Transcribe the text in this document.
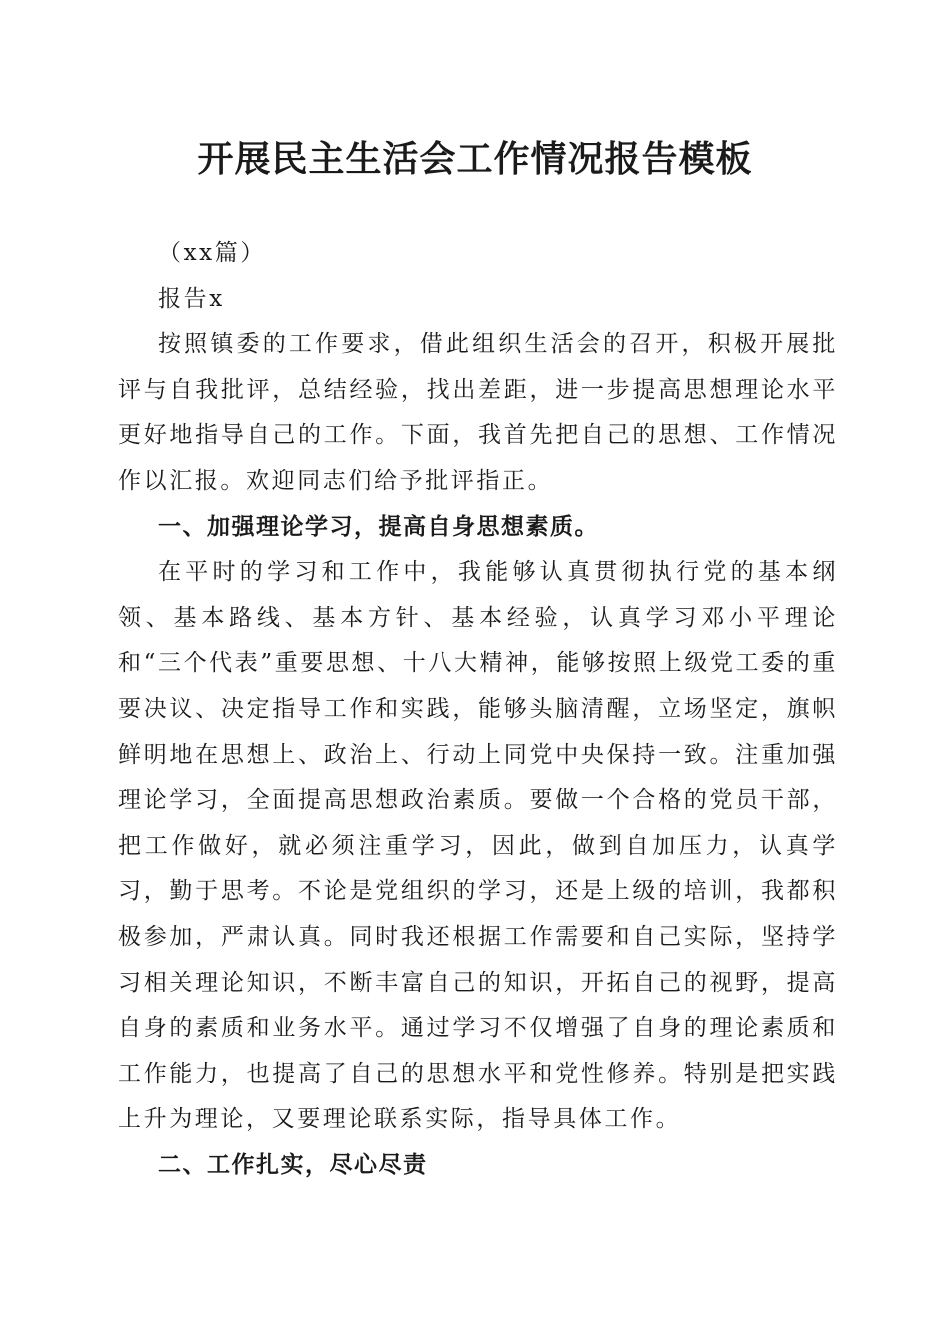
开展民主生活会工作情况报告模板

（xx篇）

报告x

按照镇委的工作要求，借此组织生活会的召开，积极开展批评与自我批评，总结经验，找出差距，进一步提高思想理论水平更好地指导自己的工作。下面，我首先把自己的思想、工作情况作以汇报。欢迎同志们给予批评指正。

一、加强理论学习，提高自身思想素质。

在平时的学习和工作中，我能够认真贯彻执行党的基本纲领、基本路线、基本方针、基本经验，认真学习邓小平理论和“三个代表”重要思想、十八大精神，能够按照上级党工委的重要决议、决定指导工作和实践，能够头脑清醒，立场坚定，旗帜鲜明地在思想上、政治上、行动上同党中央保持一致。注重加强理论学习，全面提高思想政治素质。要做一个合格的党员干部，把工作做好，就必须注重学习，因此，做到自加压力，认真学习，勤于思考。不论是党组织的学习，还是上级的培训，我都积极参加，严肃认真。同时我还根据工作需要和自己实际，坚持学习相关理论知识，不断丰富自己的知识，开拓自己的视野，提高自身的素质和业务水平。通过学习不仅增强了自身的理论素质和工作能力，也提高了自己的思想水平和党性修养。特别是把实践上升为理论，又要理论联系实际，指导具体工作。

二、工作扎实，尽心尽责
